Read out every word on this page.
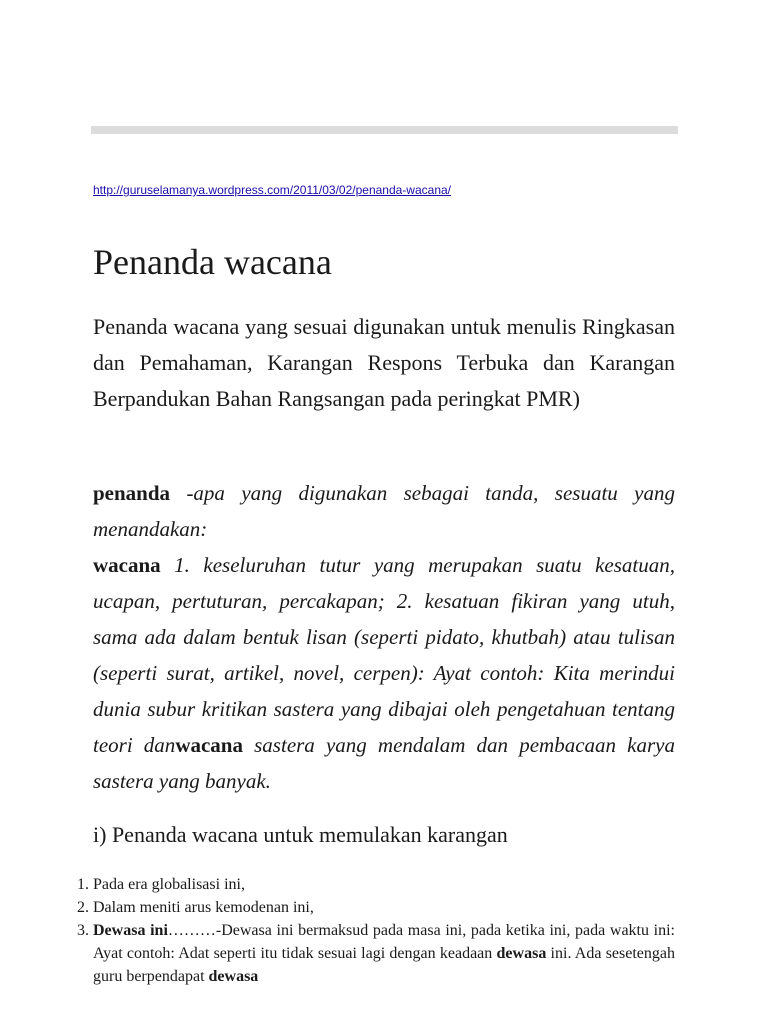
http://guruselamanya.wordpress.com/2011/03/02/penanda-wacana/
Penanda wacana

Penanda wacana yang sesuai digunakan untuk menulis Ringkasan dan Pemahaman, Karangan Respons Terbuka dan Karangan Berpandukan Bahan Rangsangan pada peringkat PMR)

penanda -apa yang digunakan sebagai tanda, sesuatu yang menandakan:
wacana 1. keseluruhan tutur yang merupakan suatu kesatuan, ucapan, pertuturan, percakapan; 2. kesatuan fikiran yang utuh, sama ada dalam bentuk lisan (seperti pidato, khutbah) atau tulisan (seperti surat, artikel, novel, cerpen): Ayat contoh: Kita merindui dunia subur kritikan sastera yang dibajai oleh pengetahuan tentang teori danwacana sastera yang mendalam dan pembacaan karya sastera yang banyak.

i) Penanda wacana untuk memulakan karangan
1. Pada era globalisasi ini,
2. Dalam meniti arus kemodenan ini,
3. Dewasa ini………-Dewasa ini bermaksud pada masa ini, pada ketika ini, pada waktu ini: Ayat contoh: Adat seperti itu tidak sesuai lagi dengan keadaan dewasa ini. Ada sesetengah guru berpendapat dewasa
